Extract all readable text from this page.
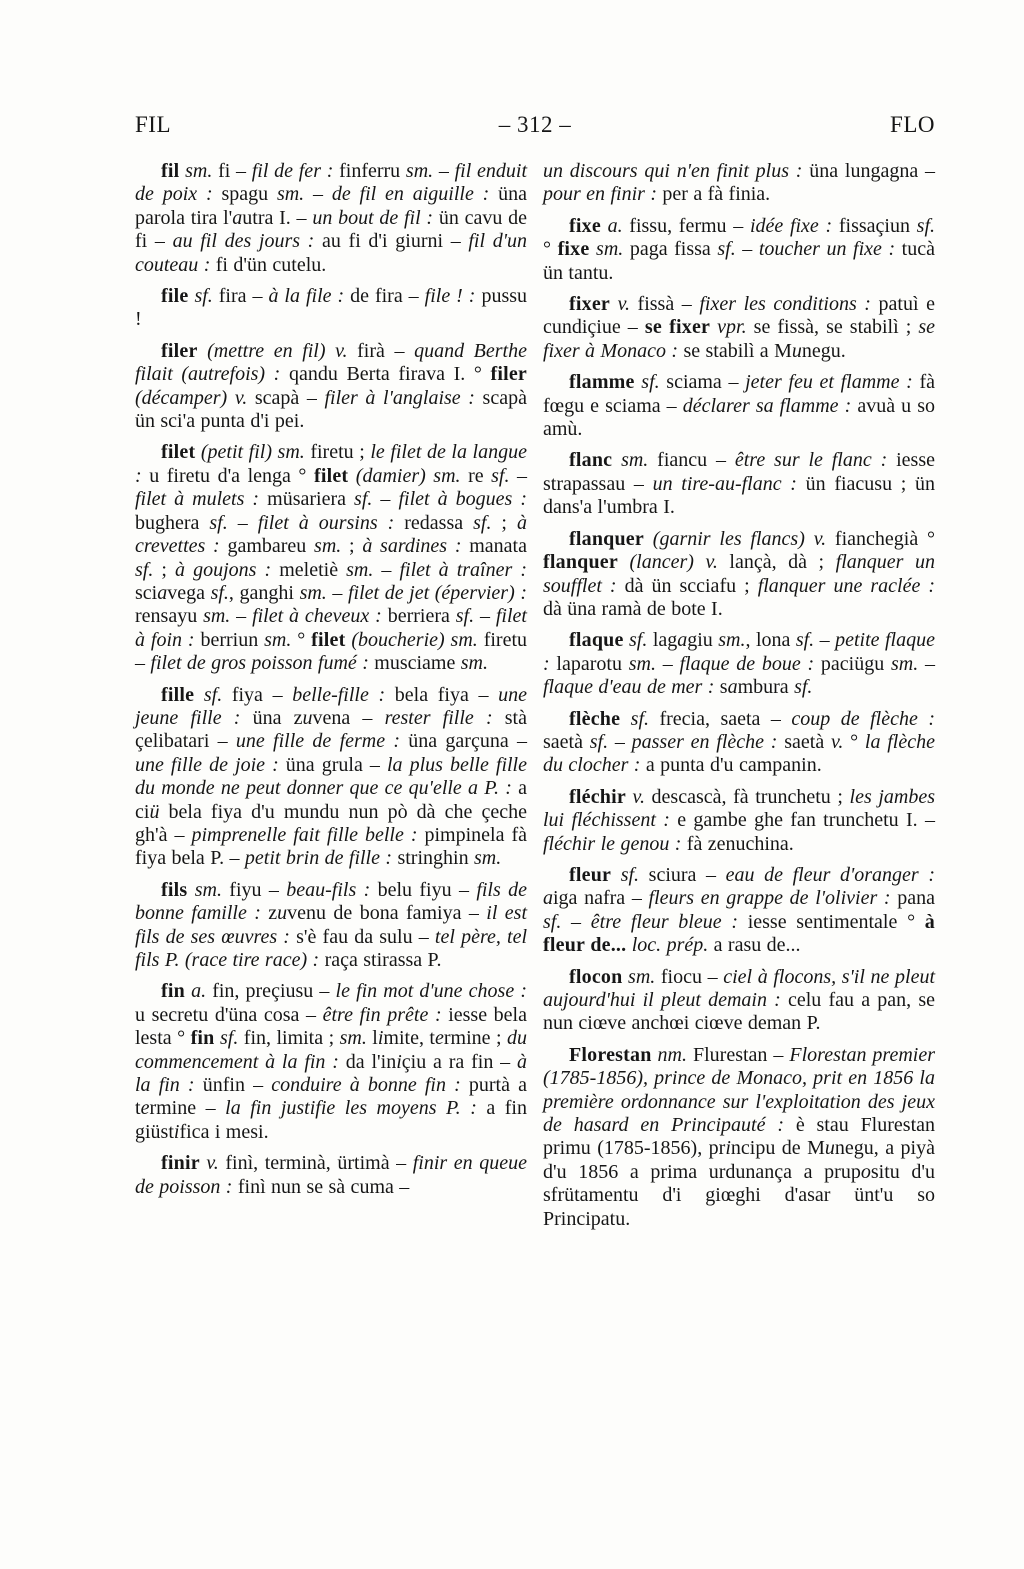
FIL	– 312 –	FLO

fil sm. fi – fil de fer : finferru sm. – fil enduit de poix : spagu sm. – de fil en aiguille : üna parola tira l'autra I. – un bout de fil : ün cavu de fi – au fil des jours : au fi d'i giurni – fil d'un couteau : fi d'ün cutelu.

file sf. fira – à la file : de fira – file ! : pussu !

filer (mettre en fil) v. firà – quand Berthe filait (autrefois) : qandu Berta firava I. ° filer (décamper) v. scapà – filer à l'anglaise : scapà ün sci'a punta d'i pei.

filet (petit fil) sm. firetu ; le filet de la langue : u firetu d'a lenga ° filet (damier) sm. re sf. – filet à mulets : müsariera sf. – filet à bogues : bughera sf. – filet à oursins : redassa sf. ; à crevettes : gambareu sm. ; à sardines : manata sf. ; à goujons : meletiè sm. – filet à traîner : sciavega sf., ganghi sm. – filet de jet (épervier) : rensayu sm. – filet à cheveux : berriera sf. – filet à foin : berriun sm. ° filet (boucherie) sm. firetu – filet de gros poisson fumé : musciame sm.

fille sf. fiya – belle-fille : bela fiya – une jeune fille : üna zuvena – rester fille : stà çelibatari – une fille de ferme : üna garçuna – une fille de joie : üna grula – la plus belle fille du monde ne peut donner que ce qu'elle a P. : a ciü bela fiya d'u mundu nun pò dà che çeche gh'à – pimprenelle fait fille belle : pimpinela fà fiya bela P. – petit brin de fille : stringhin sm.

fils sm. fiyu – beau-fils : belu fiyu – fils de bonne famille : zuvenu de bona famiya – il est fils de ses œuvres : s'è fau da sulu – tel père, tel fils P. (race tire race) : raça stirassa P.

fin a. fin, preçiusu – le fin mot d'une chose : u secretu d'üna cosa – être fin prête : iesse bela lesta ° fin sf. fin, limita ; sm. limite, termine ; du commencement à la fin : da l'iniçiu a ra fin – à la fin : ünfin – conduire à bonne fin : purtà a termine – la fin justifie les moyens P. : a fin giüstifica i mesi.

finir v. finì, terminà, ürtimà – finir en queue de poisson : finì nun se sà cuma –

un discours qui n'en finit plus : üna lungagna – pour en finir : per a fà finia.

fixe a. fissu, fermu – idée fixe : fissaçiun sf. ° fixe sm. paga fissa sf. – toucher un fixe : tucà ün tantu.

fixer v. fissà – fixer les conditions : patuì e cundiçiue – se fixer vpr. se fissà, se stabilì ; se fixer à Monaco : se stabilì a Munegu.

flamme sf. sciama – jeter feu et flamme : fà fœgu e sciama – déclarer sa flamme : avuà u so amù.

flanc sm. fiancu – être sur le flanc : iesse strapassau – un tire-au-flanc : ün fiacusu ; ün dans'a l'umbra I.

flanquer (garnir les flancs) v. fianchegià ° flanquer (lancer) v. lançà, dà ; flanquer un soufflet : dà ün scciafu ; flanquer une raclée : dà üna ramà de bote I.

flaque sf. lagagiu sm., lona sf. – petite flaque : laparotu sm. – flaque de boue : paciügu sm. – flaque d'eau de mer : sambura sf.

flèche sf. frecia, saeta – coup de flèche : saetà sf. – passer en flèche : saetà v. ° la flèche du clocher : a punta d'u campanin.

fléchir v. descascà, fà trunchetu ; les jambes lui fléchissent : e gambe ghe fan trunchetu I. – fléchir le genou : fà zenuchina.

fleur sf. sciura – eau de fleur d'oranger : aiga nafra – fleurs en grappe de l'olivier : pana sf. – être fleur bleue : iesse sentimentale ° à fleur de... loc. prép. a rasu de...

flocon sm. fiocu – ciel à flocons, s'il ne pleut aujourd'hui il pleut demain : celu fau a pan, se nun ciœve anchœi ciœve deman P.

Florestan nm. Flurestan – Florestan premier (1785-1856), prince de Monaco, prit en 1856 la première ordonnance sur l'exploitation des jeux de hasard en Principauté : è stau Flurestan primu (1785-1856), principu de Munegu, a piyà d'u 1856 a prima urdunança a prupositu d'u sfrütamentu d'i giœghi d'asar ünt'u so Principatu.
